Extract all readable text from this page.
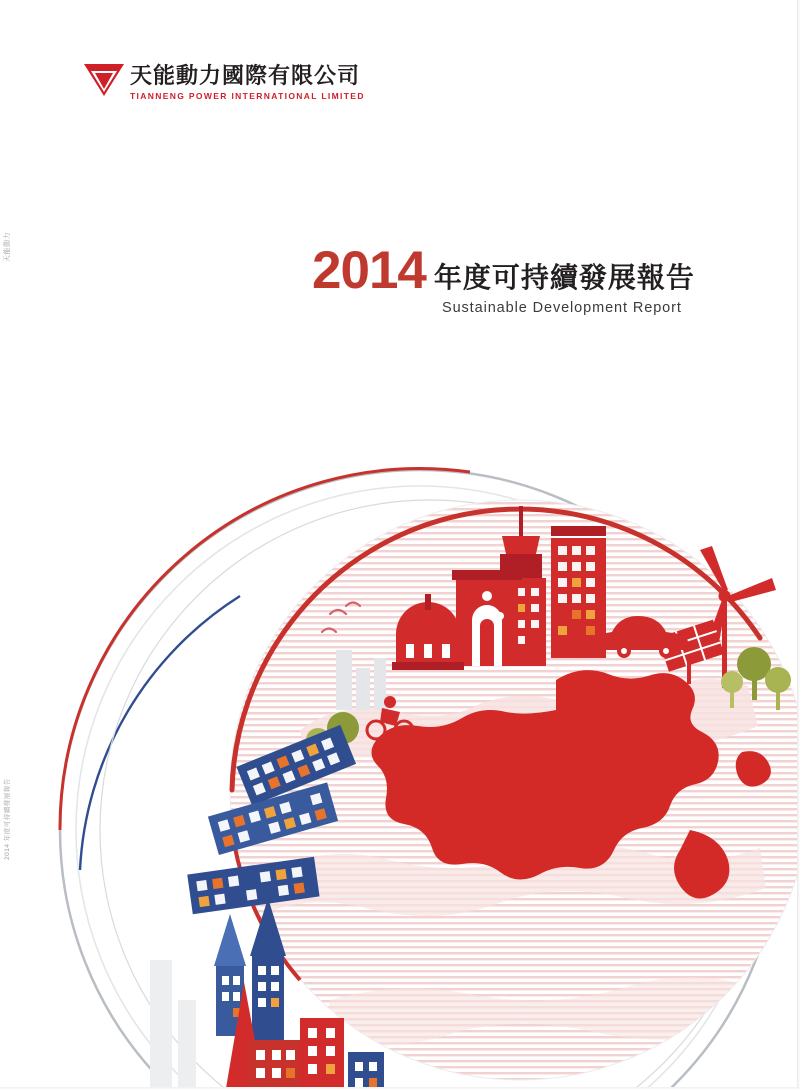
天能動力國際有限公司
TIANNENG POWER INTERNATIONAL LIMITED
2014 年度可持續發展報告
Sustainable Development Report
天能動力
2014 年度可持續發展報告
